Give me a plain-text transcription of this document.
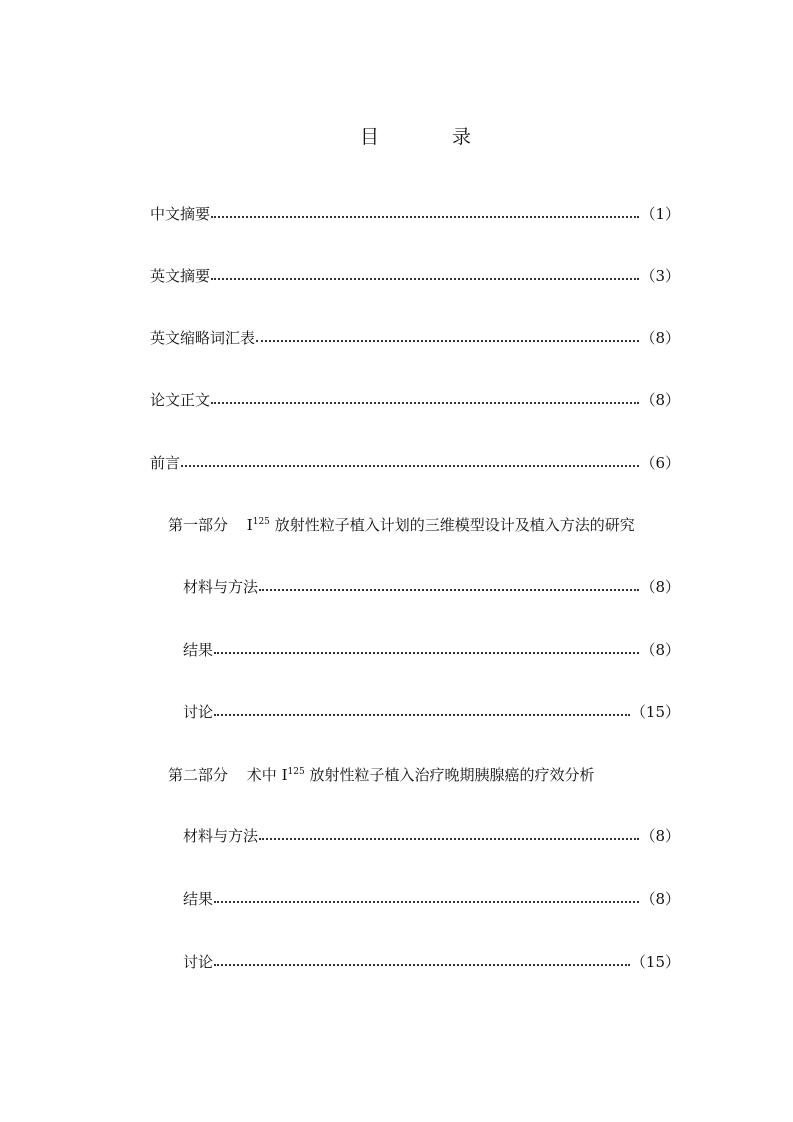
目	录
中文摘要	（1）
英文摘要	（3）
英文缩略词汇表	（8）
论文正文	（8）
前言	（6）
第一部分 $I^{125}$ 放射性粒子植入计划的三维模型设计及植入方法的研究
材料与方法	（8）
结果	（8）
讨论	（15）
第二部分 术中 $I^{125}$ 放射性粒子植入治疗晚期胰腺癌的疗效分析
材料与方法	（8）
结果	（8）
讨论	（15）
